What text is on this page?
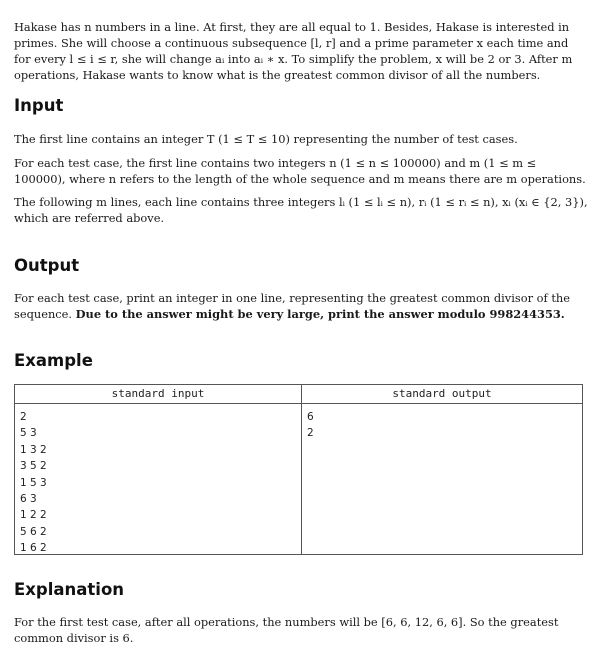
Hakase has n numbers in a line. At first, they are all equal to 1. Besides, Hakase is interested in primes. She will choose a continuous subsequence [l, r] and a prime parameter x each time and for every l ≤ i ≤ r, she will change aᵢ into aᵢ ∗ x. To simplify the problem, x will be 2 or 3. After m operations, Hakase wants to know what is the greatest common divisor of all the numbers.

Input

The first line contains an integer T (1 ≤ T ≤ 10) representing the number of test cases.

For each test case, the first line contains two integers n (1 ≤ n ≤ 100000) and m (1 ≤ m ≤ 100000), where n refers to the length of the whole sequence and m means there are m operations.

The following m lines, each line contains three integers lᵢ (1 ≤ lᵢ ≤ n), rᵢ (1 ≤ rᵢ ≤ n), xᵢ (xᵢ ∈ {2, 3}), which are referred above.

Output

For each test case, print an integer in one line, representing the greatest common divisor of the sequence. Due to the answer might be very large, print the answer modulo 998244353.

Example
standard input
2
5 3
1 3 2
3 5 2
1 5 3
6 3
1 2 2
5 6 2
1 6 2
standard output
6
2
Explanation

For the first test case, after all operations, the numbers will be [6, 6, 12, 6, 6]. So the greatest common divisor is 6.
